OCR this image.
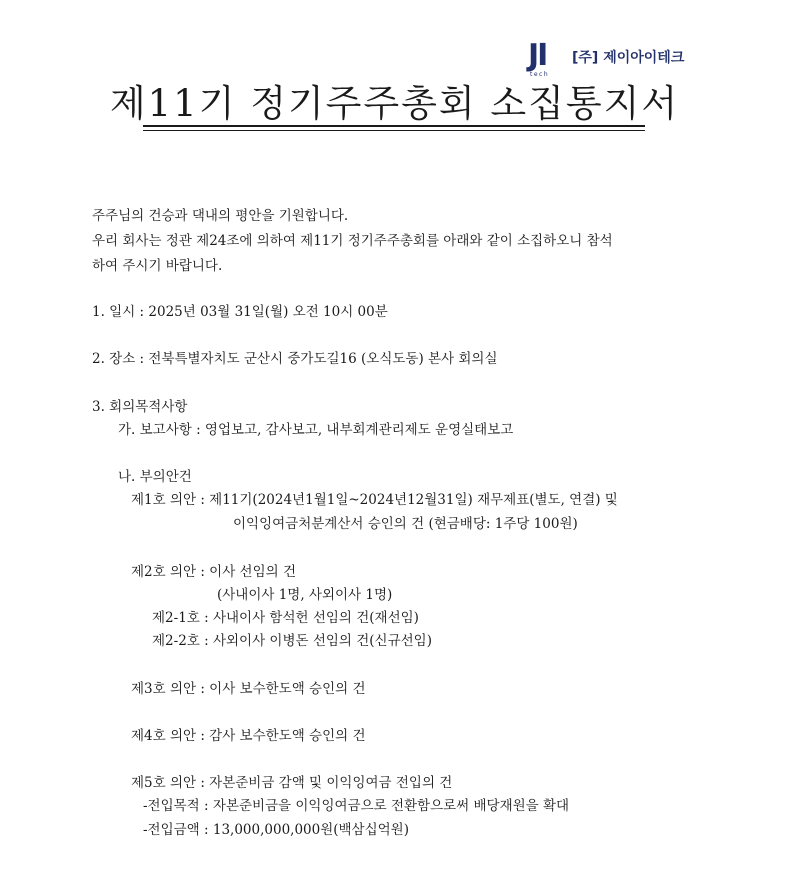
JI
tech
[주] 제이아이테크
제11기 정기주주총회 소집통지서
주주님의 건승과 댁내의 평안을 기원합니다.
우리 회사는 정관 제24조에 의하여 제11기 정기주주총회를 아래와 같이 소집하오니 참석
하여 주시기 바랍니다.
1. 일시 : 2025년 03월 31일(월) 오전 10시 00분
2. 장소 : 전북특별자치도 군산시 중가도길16 (오식도동) 본사 회의실
3. 회의목적사항
가. 보고사항 : 영업보고, 감사보고, 내부회계관리제도 운영실태보고
나. 부의안건
제1호 의안 : 제11기(2024년1월1일~2024년12월31일) 재무제표(별도, 연결) 및
이익잉여금처분계산서 승인의 건 (현금배당: 1주당 100원)
제2호 의안 : 이사 선임의 건
(사내이사 1명, 사외이사 1명)
제2-1호 : 사내이사 함석헌 선임의 건(재선임)
제2-2호 : 사외이사 이병돈 선임의 건(신규선임)
제3호 의안 : 이사 보수한도액 승인의 건
제4호 의안 : 감사 보수한도액 승인의 건
제5호 의안 : 자본준비금 감액 및 이익잉여금 전입의 건
-전입목적 : 자본준비금을 이익잉여금으로 전환함으로써 배당재원을 확대
-전입금액 : 13,000,000,000원(백삼십억원)
